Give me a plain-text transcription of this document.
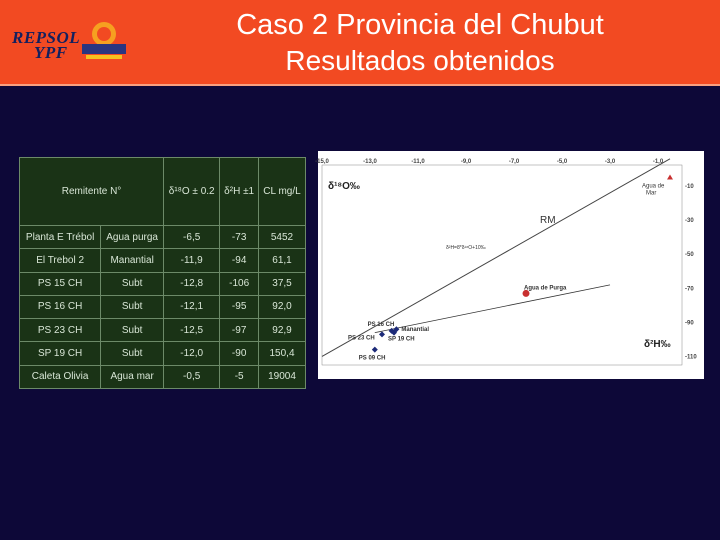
REPSOL
YPF
Caso 2 Provincia del Chubut
Resultados obtenidos
Remitente N°		δ¹⁸O ± 0.2	δ²H ±1	CL mg/L
Planta E Trébol	Agua purga	-6,5	-73	5452
El Trebol 2	Manantial	-11,9	-94	61,1
PS 15 CH	Subt	-12,8	-106	37,5
PS 16 CH	Subt	-12,1	-95	92,0
PS 23 CH	Subt	-12,5	-97	92,9
SP 19 CH	Subt	-12,0	-90	150,4
Caleta Olivia	Agua mar	-0,5	-5	19004
-15,0	-13,0	-11,0	-9,0	-7,0	-5,0	-3,0	-1,0
-10
-30
-50
-70
-90
-110
δ¹⁸O‰
δ²H‰
RM
δ²H=8*δ¹⁸O+10‰
Agua de
Mar
Agua de Purga
PS 16 CH
Manantial
PS 23 CH SP 19 CH
PS 09 CH
